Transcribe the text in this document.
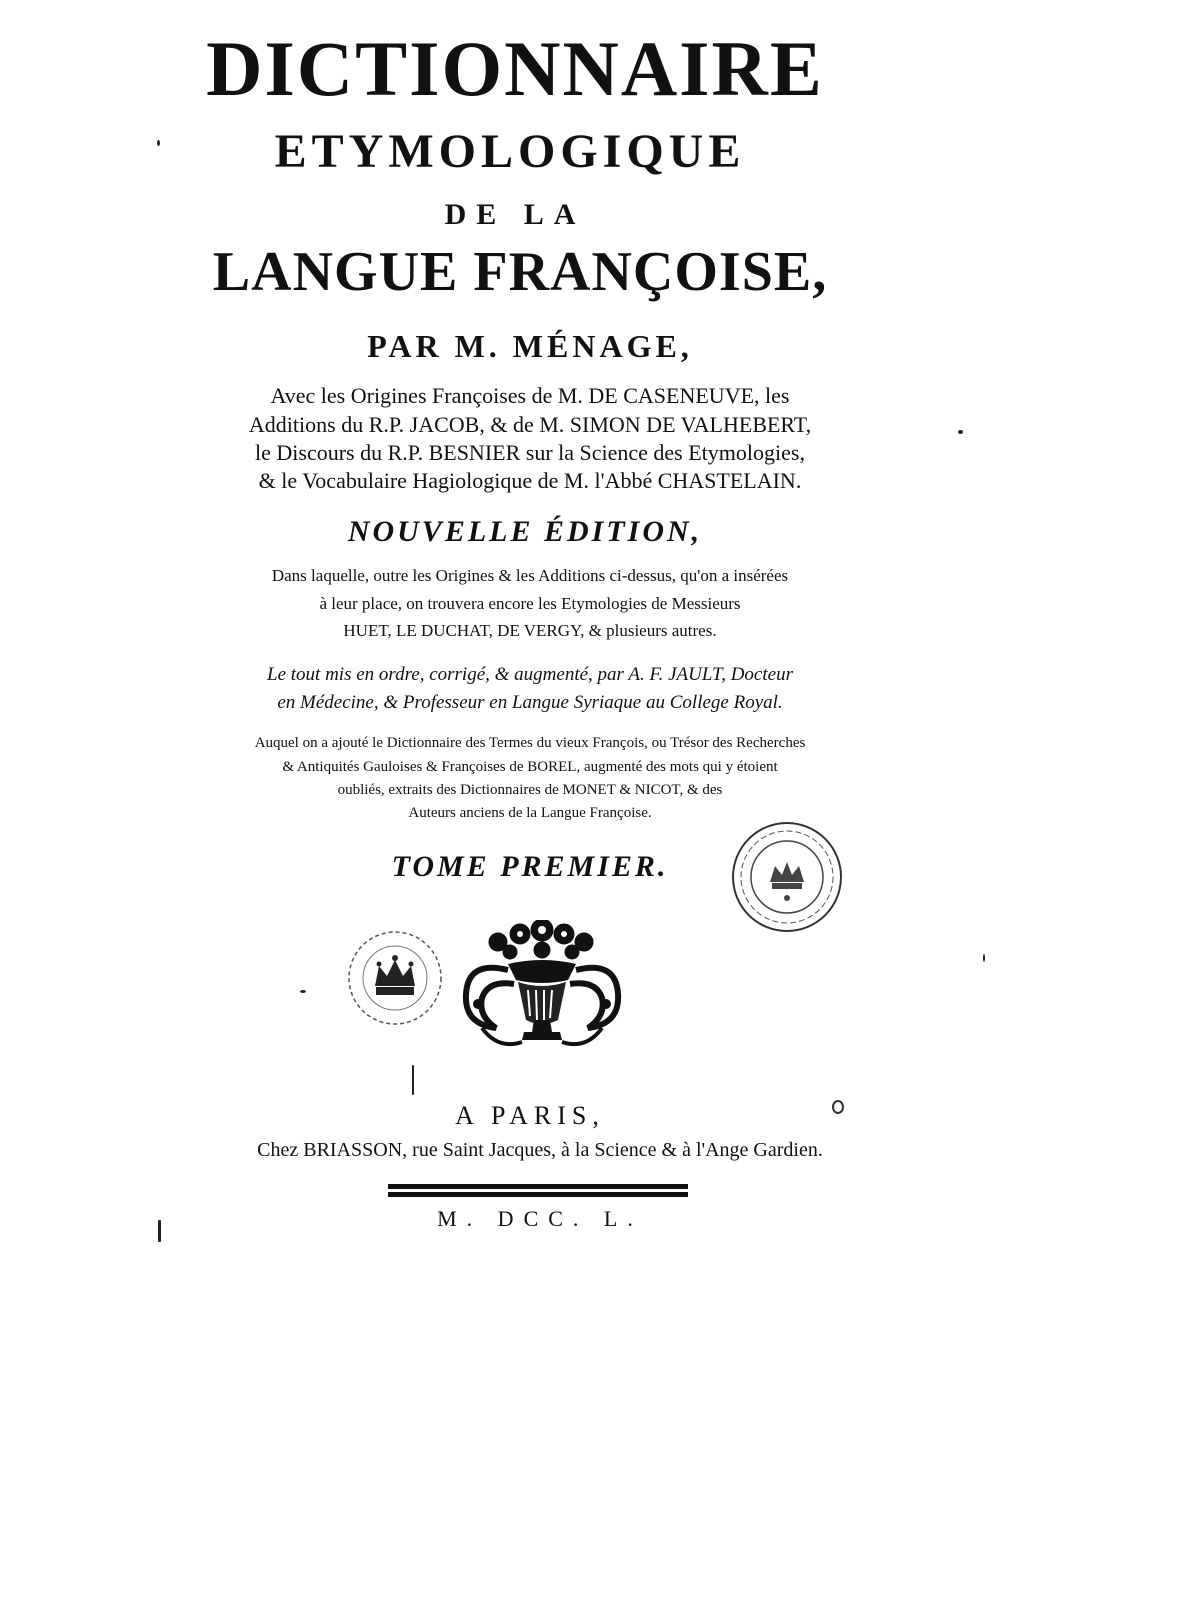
DICTIONNAIRE
ETYMOLOGIQUE
DE LA
LANGUE FRANÇOISE,
PAR M. MÉNAGE,
Avec les Origines Françoises de M. DE CASENEUVE, les
Additions du R.P. JACOB, & de M. SIMON DE VALHEBERT,
le Discours du R.P. BESNIER sur la Science des Etymologies,
& le Vocabulaire Hagiologique de M. l'Abbé CHASTELAIN.
NOUVELLE ÉDITION,
Dans laquelle, outre les Origines & les Additions ci-dessus, qu'on a insérées
à leur place, on trouvera encore les Etymologies de Messieurs
HUET, LE DUCHAT, DE VERGY, & plusieurs autres.
Le tout mis en ordre, corrigé, & augmenté, par A. F. JAULT, Docteur
en Médecine, & Professeur en Langue Syriaque au College Royal.
Auquel on a ajouté le Dictionnaire des Termes du vieux François, ou Trésor des Recherches
& Antiquités Gauloises & Françoises de BOREL, augmenté des mots qui y étoient
oubliés, extraits des Dictionnaires de MONET & NICOT, & des
Auteurs anciens de la Langue Françoise.
TOME PREMIER.
A PARIS,
Chez BRIASSON, rue Saint Jacques, à la Science & à l'Ange Gardien.
M. DCC. L.
